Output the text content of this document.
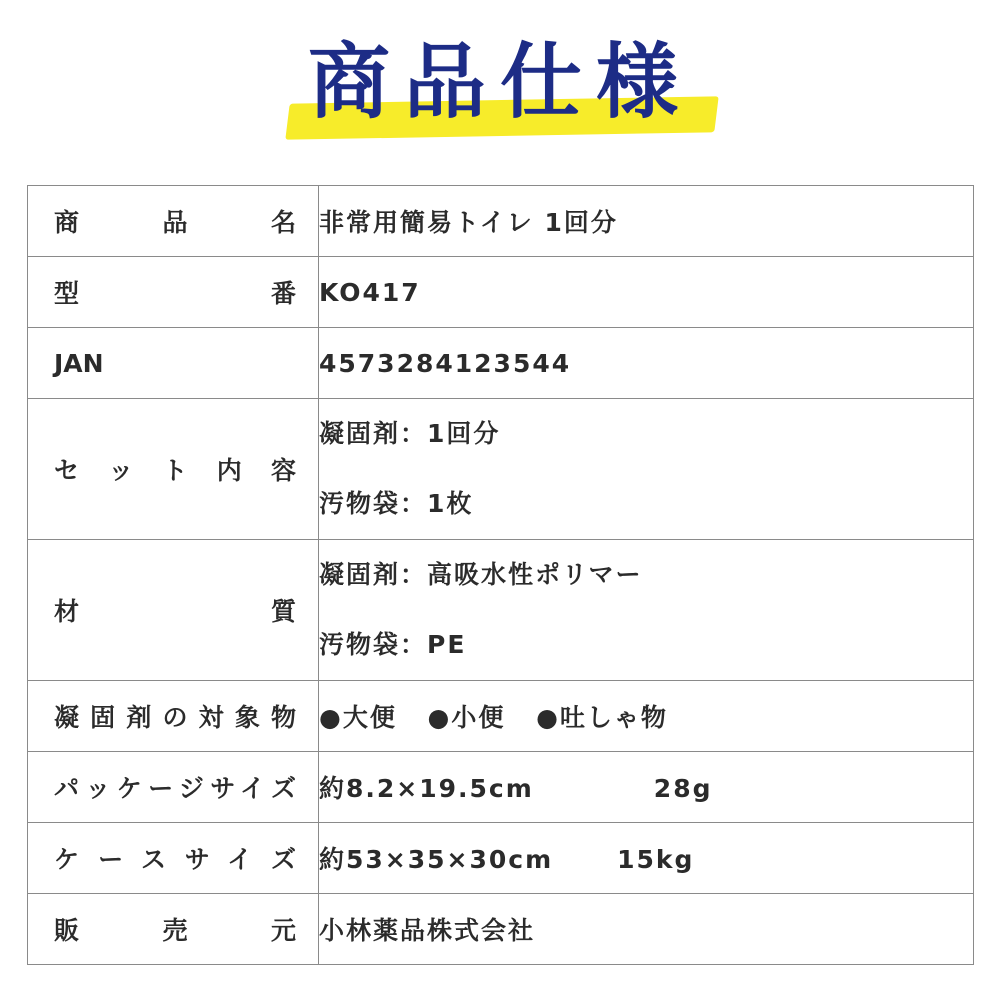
商品仕様
商品名	非常用簡易トイレ 1回分

型番	KO417

JAN	4573284123544

セット内容	凝固剤：1回分
汚物袋：1枚

材質	凝固剤：高吸水性ポリマー
汚物袋：PE

凝固剤の対象物	●大便 ●小便 ●吐しゃ物

パッケージサイズ	約8.2×19.5cm 28g

ケースサイズ	約53×35×30cm 15kg

販売元	小林薬品株式会社
